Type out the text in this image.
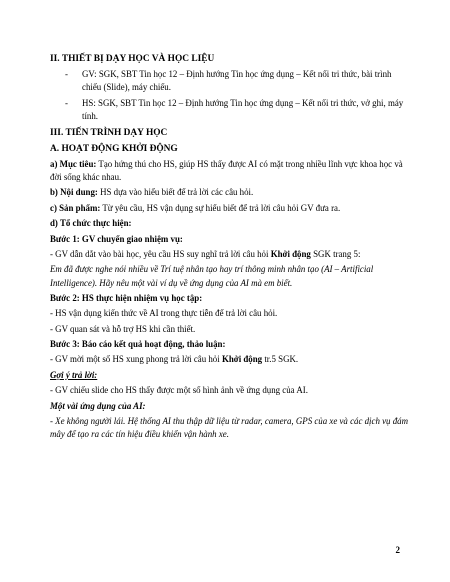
II. THIẾT BỊ DẠY HỌC VÀ HỌC LIỆU
- GV: SGK, SBT Tin học 12 – Định hướng Tin học ứng dụng – Kết nối tri thức, bài trình chiếu (Slide), máy chiếu.
- HS: SGK, SBT Tin học 12 – Định hướng Tin học ứng dụng – Kết nối tri thức, vở ghi, máy tính.
III. TIẾN TRÌNH DẠY HỌC
A. HOẠT ĐỘNG KHỞI ĐỘNG
a) Mục tiêu: Tạo hứng thú cho HS, giúp HS thấy được AI có mặt trong nhiều lĩnh vực khoa học và đời sống khác nhau.
b) Nội dung: HS dựa vào hiểu biết để trả lời các câu hỏi.
c) Sản phẩm: Từ yêu cầu, HS vận dụng sự hiểu biết để trả lời câu hỏi GV đưa ra.
d) Tổ chức thực hiện:
Bước 1: GV chuyển giao nhiệm vụ:
- GV dẫn dắt vào bài học, yêu cầu HS suy nghĩ trả lời câu hỏi Khởi động SGK trang 5:
Em đã được nghe nói nhiều về Trí tuệ nhân tạo hay trí thông minh nhân tạo (AI – Artificial Intelligence). Hãy nêu một vài ví dụ về ứng dụng của AI mà em biết.
Bước 2: HS thực hiện nhiệm vụ học tập:
- HS vận dụng kiến thức về AI trong thực tiễn để trả lời câu hỏi.
- GV quan sát và hỗ trợ HS khi cần thiết.
Bước 3: Báo cáo kết quả hoạt động, thảo luận:
- GV mời một số HS xung phong trả lời câu hỏi Khởi động tr.5 SGK.
Gợi ý trả lời:
- GV chiếu slide cho HS thấy được một số hình ảnh về ứng dụng của AI.
Một vài ứng dụng của AI:
- Xe không người lái. Hệ thống AI thu thập dữ liệu từ radar, camera, GPS của xe và các dịch vụ đám mây để tạo ra các tín hiệu điều khiển vận hành xe.
2
